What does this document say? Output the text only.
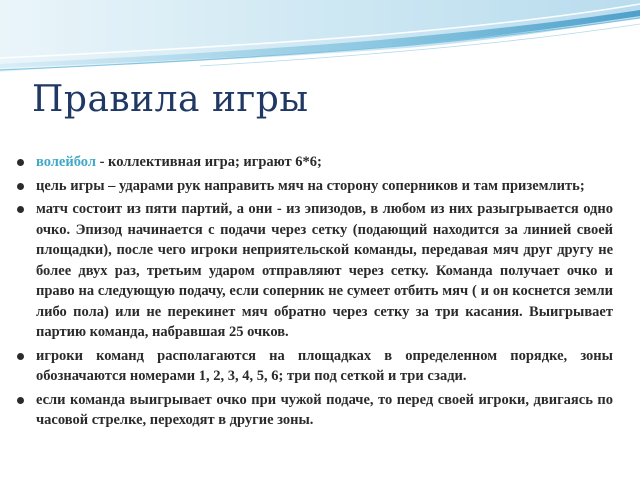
Правила игры
волейбол - коллективная игра; играют 6*6;
цель игры – ударами рук направить мяч на сторону соперников и там приземлить;
матч состоит из пяти партий, а они - из эпизодов, в любом из них разыгрывается одно очко. Эпизод начинается с подачи через сетку (подающий находится за линией своей площадки), после чего игроки неприятельской команды, передавая мяч друг другу не более двух раз, третьим ударом отправляют через сетку. Команда получает очко и право на следующую подачу, если соперник не сумеет отбить мяч ( и он коснется земли либо пола) или не перекинет мяч обратно через сетку за три касания. Выигрывает партию команда, набравшая 25 очков.
игроки команд располагаются на площадках в определенном порядке, зоны обозначаются номерами 1, 2, 3, 4, 5, 6; три под сеткой и три сзади.
если команда выигрывает очко при чужой подаче, то перед своей игроки, двигаясь по часовой стрелке, переходят в другие зоны.
